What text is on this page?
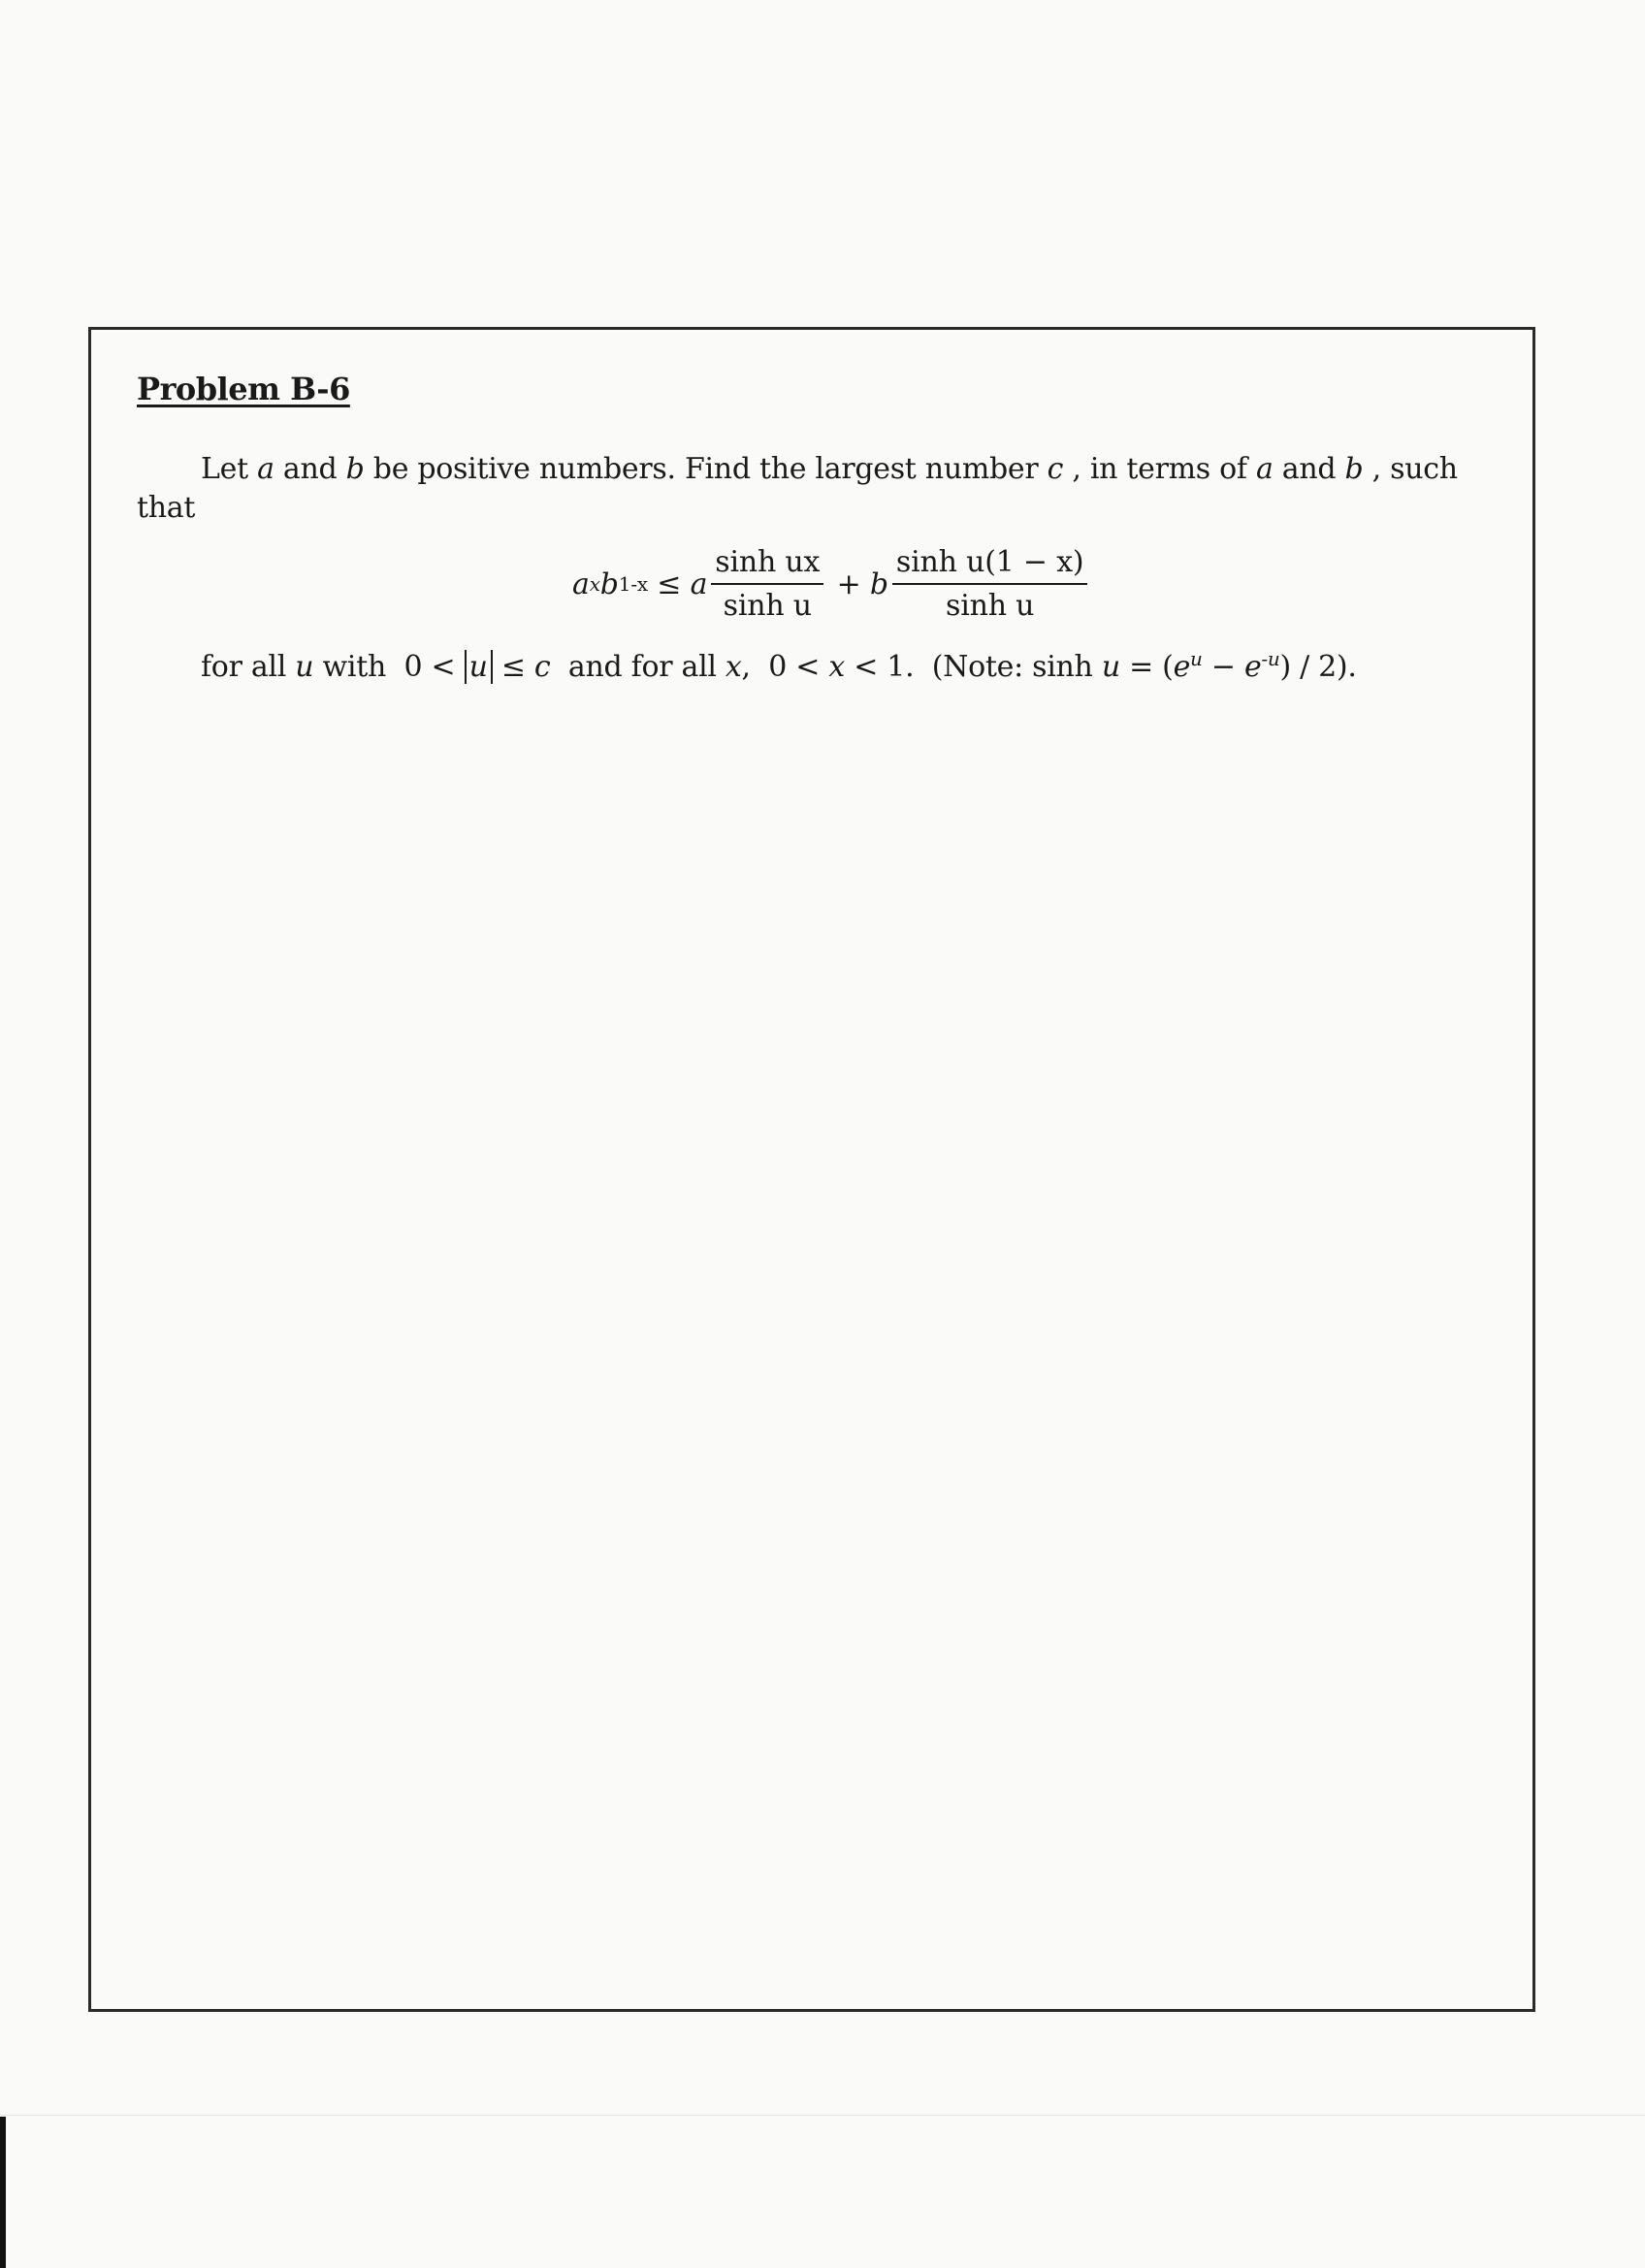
Problem B-6
Let a and b be positive numbers. Find the largest number c , in terms of a and b , such that
a x b 1-x ≤ a $\frac{\text{sinh ux}}{\text{sinh u}} + b \frac{\text{sinh u(1 − x)}}{\text{sinh u}}$
for all u with  0 < u ≤ c  and for all x,  0 < x < 1.  (Note: $\sinh u = (e^u - e^{-u}) / 2$).
